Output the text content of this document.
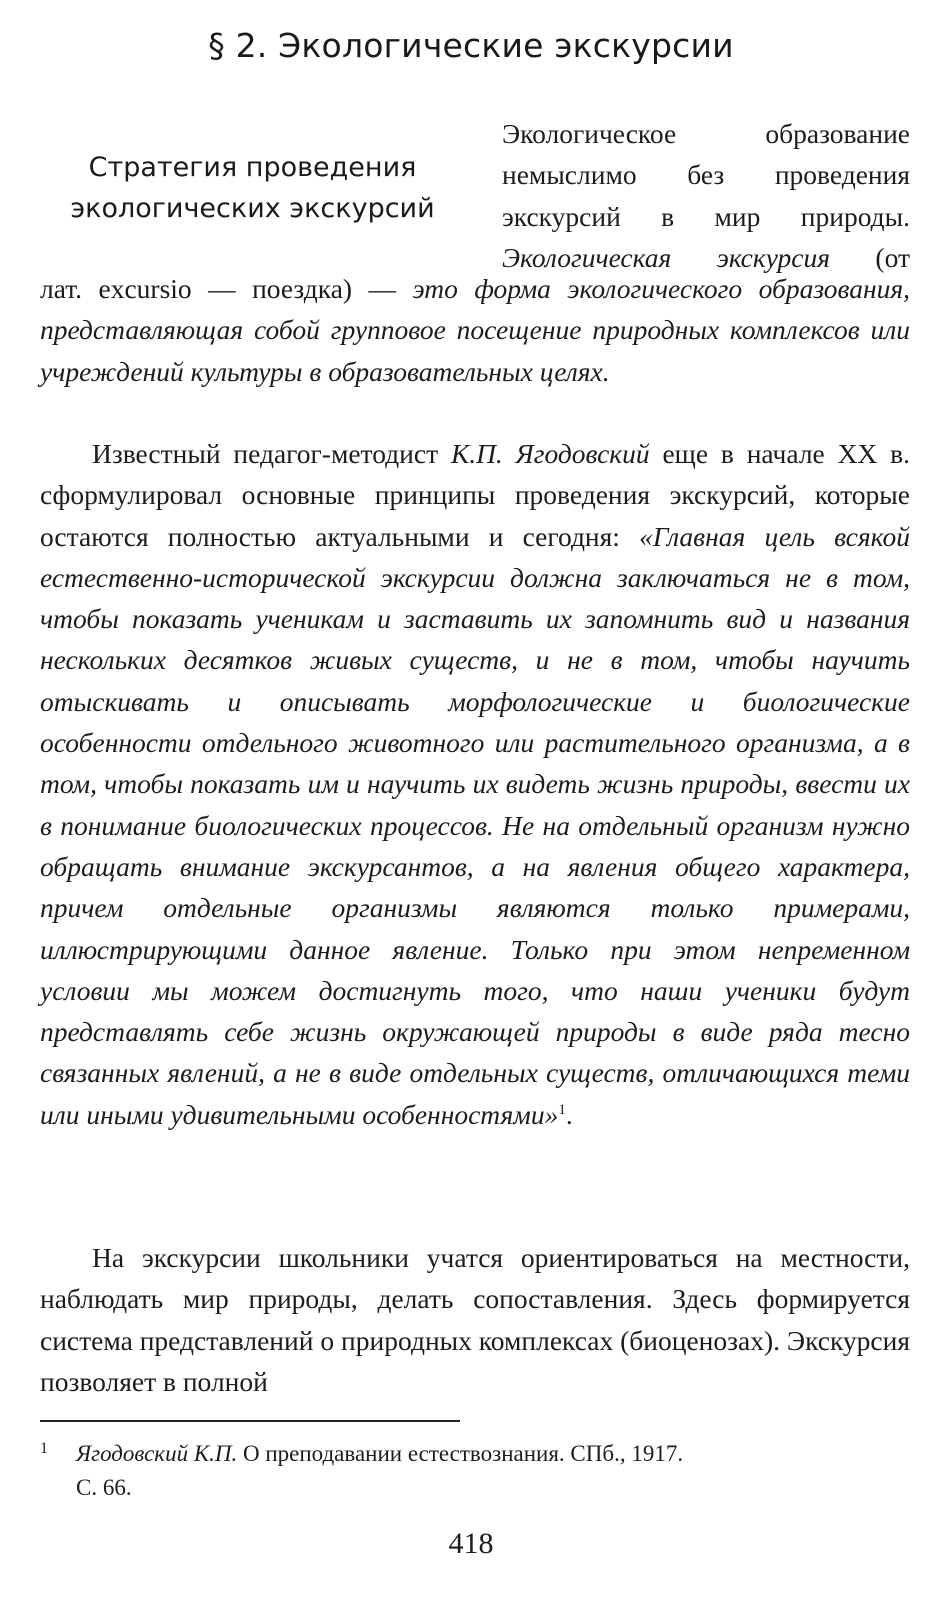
§ 2. Экологические экскурсии
Стратегия проведения
экологических экскурсий
Экологическое образование
немыслимо без проведения
экскурсий в мир природы.
Экологическая экскурсия (от
лат. excursio — поездка) — это форма экологического образования, представляющая собой групповое посещение природных комплексов или учреждений культуры в образовательных целях.
Известный педагог-методист К.П. Ягодовский еще в начале XX в. сформулировал основные принципы проведения экскурсий, которые остаются полностью актуальными и сегодня: «Главная цель всякой естественно-исторической экскурсии должна заключаться не в том, чтобы показать ученикам и заставить их запомнить вид и названия нескольких десятков живых существ, и не в том, чтобы научить отыскивать и описывать морфологические и биологические особенности отдельного животного или растительного организма, а в том, чтобы показать им и научить их видеть жизнь природы, ввести их в понимание биологических процессов. Не на отдельный организм нужно обращать внимание экскурсантов, а на явления общего характера, причем отдельные организмы являются только примерами, иллюстрирующими данное явление. Только при этом непременном условии мы можем достигнуть того, что наши ученики будут представлять себе жизнь окружающей природы в виде ряда тесно связанных явлений, а не в виде отдельных существ, отличающихся теми или иными удивительными особенностями»$^1$.
На экскурсии школьники учатся ориентироваться на местности, наблюдать мир природы, делать сопоставления. Здесь формируется система представлений о природных комплексах (биоценозах). Экскурсия позволяет в полной
1 Ягодовский К.П. О преподавании естествознания. СПб., 1917.
С. 66.
418
